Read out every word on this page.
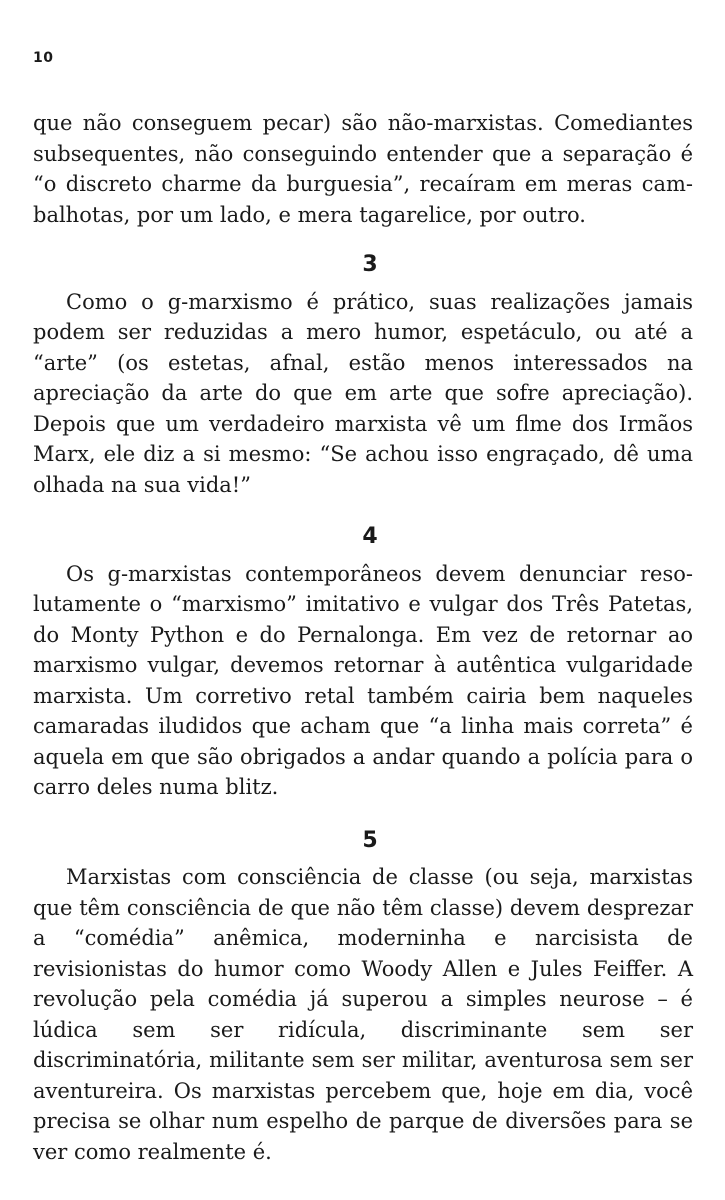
10

que não conseguem pecar) são não-marxistas. Comediantes subsequentes, não conseguindo entender que a separação é “o discreto charme da burguesia”, recaíram em meras cambalhotas, por um lado, e mera tagarelice, por outro.

3

Como o g-marxismo é prático, suas realizações jamais podem ser reduzidas a mero humor, espetáculo, ou até a “arte” (os estetas, afnal, estão menos interessados na apreciação da arte do que em arte que sofre apreciação). Depois que um verdadeiro marxista vê um flme dos Irmãos Marx, ele diz a si mesmo: “Se achou isso engraçado, dê uma olhada na sua vida!”

4

Os g-marxistas contemporâneos devem denunciar resolutamente o “marxismo” imitativo e vulgar dos Três Patetas, do Monty Python e do Pernalonga. Em vez de retornar ao marxismo vulgar, devemos retornar à autêntica vulgaridade marxista. Um corretivo retal também cairia bem naqueles camaradas iludidos que acham que “a linha mais correta” é aquela em que são obrigados a andar quando a polícia para o carro deles numa blitz.

5

Marxistas com consciência de classe (ou seja, marxistas que têm consciência de que não têm classe) devem desprezar a “comédia” anêmica, moderninha e narcisista de revisionistas do humor como Woody Allen e Jules Feiffer. A revolução pela comédia já superou a simples neurose – é lúdica sem ser ridícula, discriminante sem ser discriminatória, militante sem ser militar, aventurosa sem ser aventureira. Os marxistas percebem que, hoje em dia, você precisa se olhar num espelho de parque de diversões para se ver como realmente é.
